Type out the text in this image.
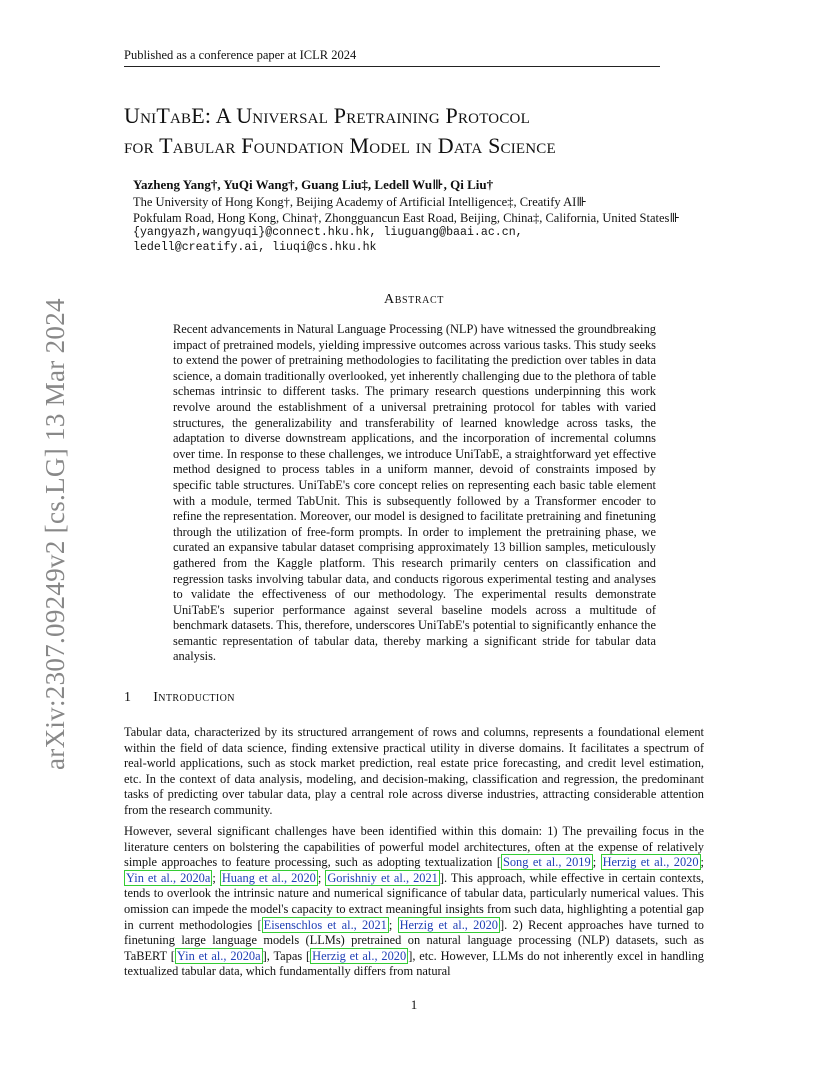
Published as a conference paper at ICLR 2024
UniTabE: A Universal Pretraining Protocol
for Tabular Foundation Model in Data Science
Yazheng Yang†, YuQi Wang†, Guang Liu‡, Ledell Wu⊪, Qi Liu†
The University of Hong Kong†, Beijing Academy of Artificial Intelligence‡, Creatify AI⊪
Pokfulam Road, Hong Kong, China†, Zhongguancun East Road, Beijing, China‡, California, United States⊪
{yangyazh,wangyuqi}@connect.hku.hk, liuguang@baai.ac.cn,
ledell@creatify.ai, liuqi@cs.hku.hk
Abstract

Recent advancements in Natural Language Processing (NLP) have witnessed the groundbreaking impact of pretrained models, yielding impressive outcomes across various tasks. This study seeks to extend the power of pretraining methodologies to facilitating the prediction over tables in data science, a domain traditionally overlooked, yet inherently challenging due to the plethora of table schemas intrinsic to different tasks. The primary research questions underpinning this work revolve around the establishment of a universal pretraining protocol for tables with varied structures, the generalizability and transferability of learned knowledge across tasks, the adaptation to diverse downstream applications, and the incorporation of incremental columns over time. In response to these challenges, we introduce UniTabE, a straightforward yet effective method designed to process tables in a uniform manner, devoid of constraints imposed by specific table structures. UniTabE's core concept relies on representing each basic table element with a module, termed TabUnit. This is subsequently followed by a Transformer encoder to refine the representation. Moreover, our model is designed to facilitate pretraining and finetuning through the utilization of free-form prompts. In order to implement the pretraining phase, we curated an expansive tabular dataset comprising approximately 13 billion samples, meticulously gathered from the Kaggle platform. This research primarily centers on classification and regression tasks involving tabular data, and conducts rigorous experimental testing and analyses to validate the effectiveness of our methodology. The experimental results demonstrate UniTabE's superior performance against several baseline models across a multitude of benchmark datasets. This, therefore, underscores UniTabE's potential to significantly enhance the semantic representation of tabular data, thereby marking a significant stride for tabular data analysis.

1 Introduction

Tabular data, characterized by its structured arrangement of rows and columns, represents a foundational element within the field of data science, finding extensive practical utility in diverse domains. It facilitates a spectrum of real-world applications, such as stock market prediction, real estate price forecasting, and credit level estimation, etc. In the context of data analysis, modeling, and decision-making, classification and regression, the predominant tasks of predicting over tabular data, play a central role across diverse industries, attracting considerable attention from the research community.

However, several significant challenges have been identified within this domain: 1) The prevailing focus in the literature centers on bolstering the capabilities of powerful model architectures, often at the expense of relatively simple approaches to feature processing, such as adopting textualization [ Song et al., 2019 ; Herzig et al., 2020 ; Yin et al., 2020a ; Huang et al., 2020 ; Gorishniy et al., 2021 ]. This approach, while effective in certain contexts, tends to overlook the intrinsic nature and numerical significance of tabular data, particularly numerical values. This omission can impede the model's capacity to extract meaningful insights from such data, highlighting a potential gap in current methodologies [ Eisenschlos et al., 2021 ; Herzig et al., 2020 ]. 2) Recent approaches have turned to finetuning large language models (LLMs) pretrained on natural language processing (NLP) datasets, such as TaBERT [ Yin et al., 2020a ], Tapas [ Herzig et al., 2020 ], etc. However, LLMs do not inherently excel in handling textualized tabular data, which fundamentally differs from natural

1
arXiv:2307.09249v2 [cs.LG] 13 Mar 2024
